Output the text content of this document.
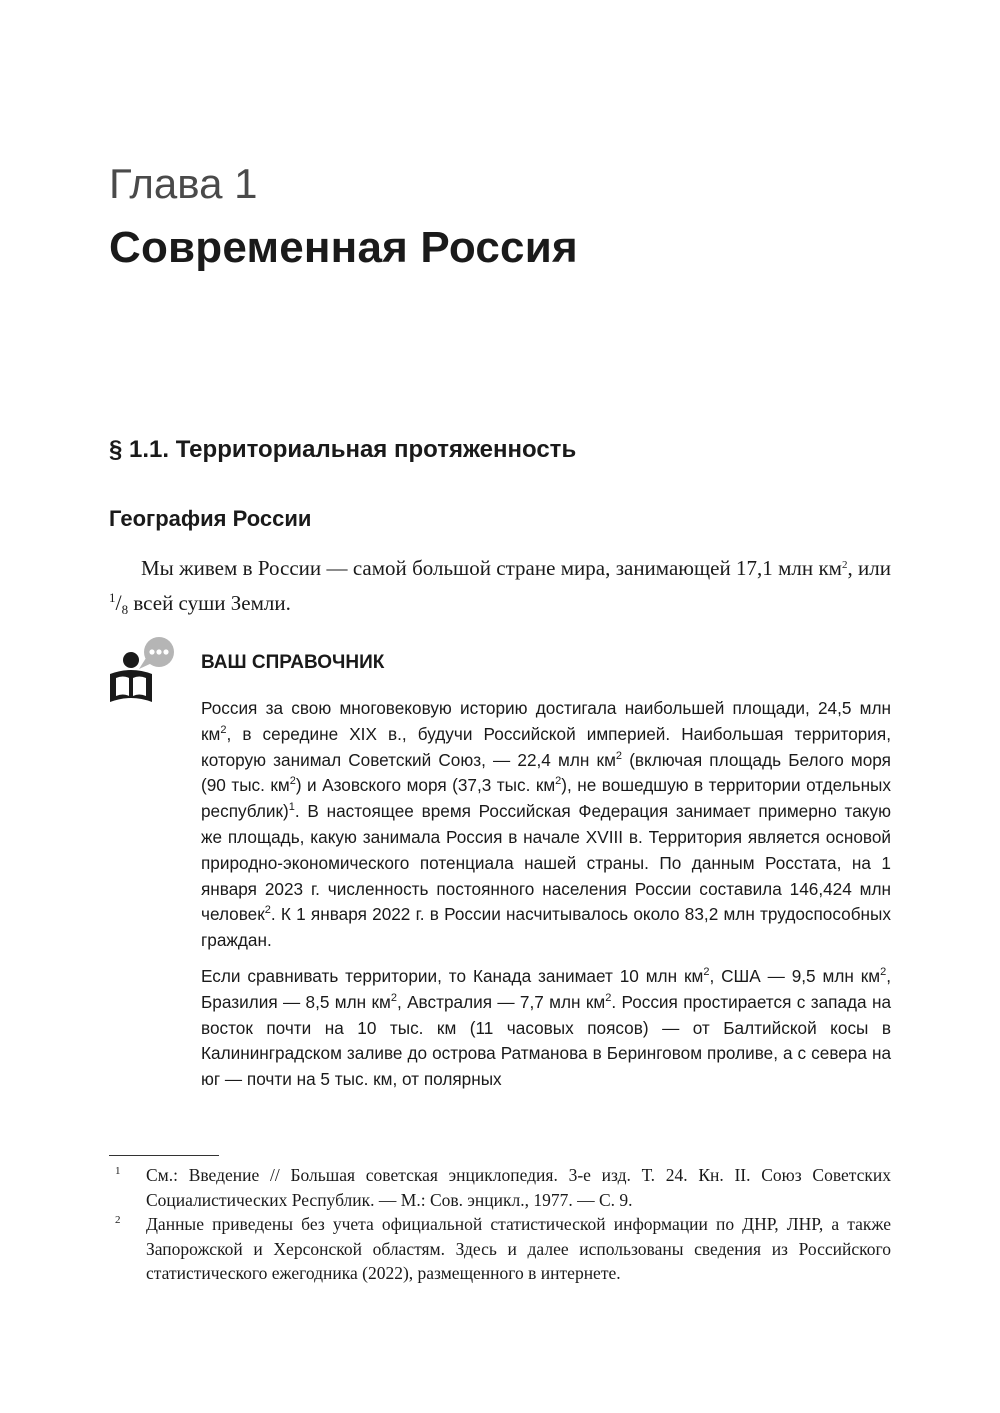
Глава 1
Современная Россия
§ 1.1. Территориальная протяженность
География России

Мы живем в России — самой большой стране мира, занимающей 17,1 млн км$^2$, или $^1/_8$ всей суши Земли.

ВАШ СПРАВОЧНИК

Россия за свою многовековую историю достигала наибольшей площади, 24,5 млн км$^2$, в середине XIX в., будучи Российской империей. Наибольшая территория, которую занимал Советский Союз, — 22,4 млн км$^2$ (включая площадь Белого моря (90 тыс. км$^2$) и Азовского моря (37,3 тыс. км$^2$), не вошедшую в территории отдельных республик)$^1$. В настоящее время Российская Федерация занимает примерно такую же площадь, какую занимала Россия в начале XVIII в. Территория является основой природно-экономического потенциала нашей страны. По данным Росстата, на 1 января 2023 г. численность постоянного населения России составила 146,424 млн человек$^2$. К 1 января 2022 г. в России насчитывалось около 83,2 млн трудоспособных граждан.

Если сравнивать территории, то Канада занимает 10 млн км$^2$, США — 9,5 млн км$^2$, Бразилия — 8,5 млн км$^2$, Австралия — 7,7 млн км$^2$. Россия простирается с запада на восток почти на 10 тыс. км (11 часовых поясов) — от Балтийской косы в Калининградском заливе до острова Ратманова в Беринговом проливе, а с севера на юг — почти на 5 тыс. км, от полярных

1 См.: Введение // Большая советская энциклопедия. 3-е изд. Т. 24. Кн. II. Союз Советских Социалистических Республик. — М.: Сов. энцикл., 1977. — С. 9.

2 Данные приведены без учета официальной статистической информации по ДНР, ЛНР, а также Запорожской и Херсонской областям. Здесь и далее использованы сведения из Российского статистического ежегодника (2022), размещенного в интернете.
